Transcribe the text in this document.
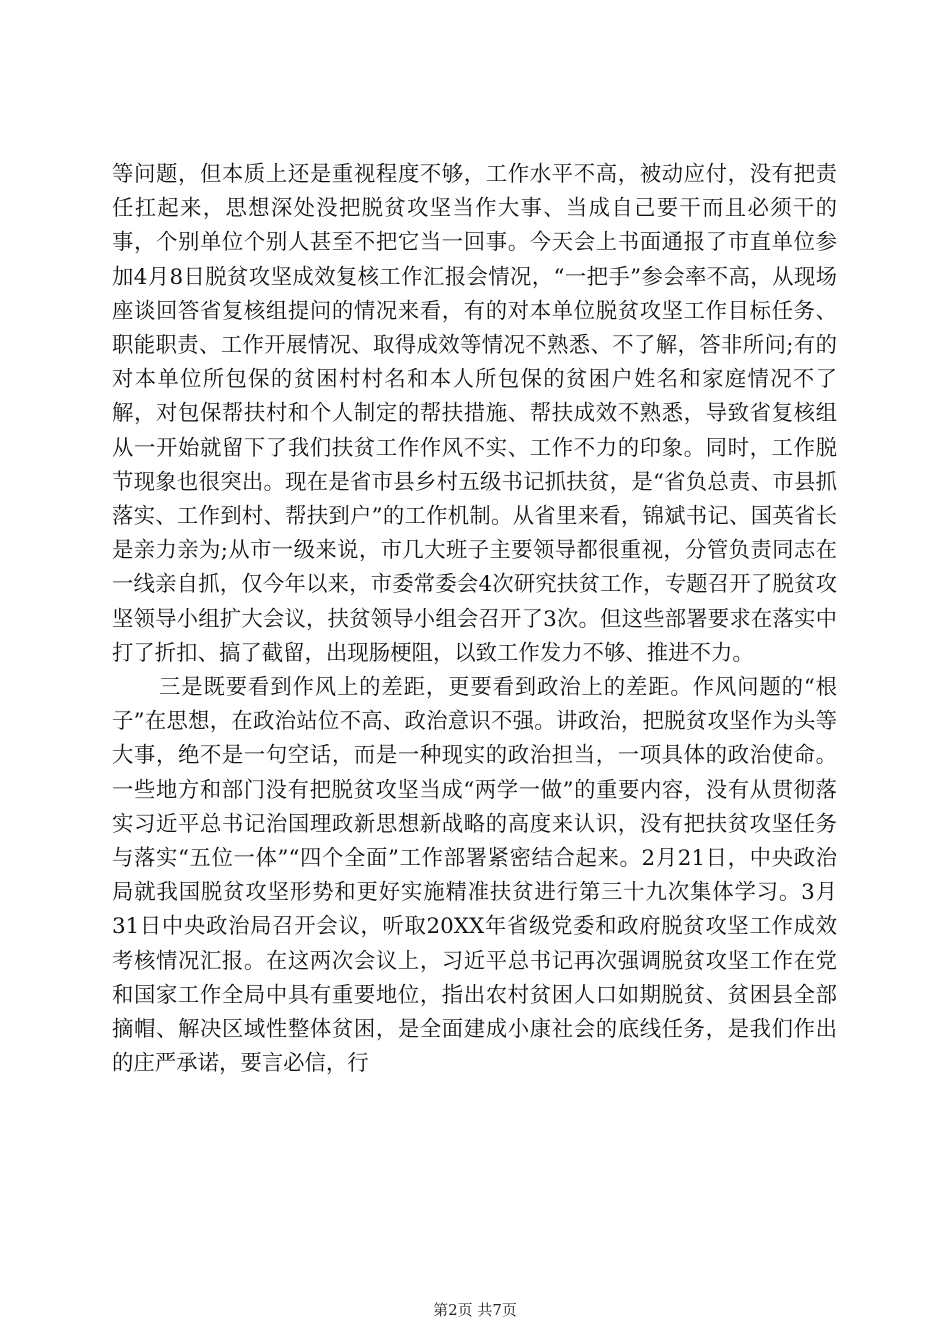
等问题，但本质上还是重视程度不够，工作水平不高，被动应付，没有把责任扛起来，思想深处没把脱贫攻坚当作大事、当成自己要干而且必须干的事，个别单位个别人甚至不把它当一回事。今天会上书面通报了市直单位参加4月8日脱贫攻坚成效复核工作汇报会情况，“一把手”参会率不高，从现场座谈回答省复核组提问的情况来看，有的对本单位脱贫攻坚工作目标任务、职能职责、工作开展情况、取得成效等情况不熟悉、不了解，答非所问;有的对本单位所包保的贫困村村名和本人所包保的贫困户姓名和家庭情况不了解，对包保帮扶村和个人制定的帮扶措施、帮扶成效不熟悉，导致省复核组从一开始就留下了我们扶贫工作作风不实、工作不力的印象。同时，工作脱节现象也很突出。现在是省市县乡村五级书记抓扶贫，是“省负总责、市县抓落实、工作到村、帮扶到户”的工作机制。从省里来看，锦斌书记、国英省长是亲力亲为;从市一级来说，市几大班子主要领导都很重视，分管负责同志在一线亲自抓，仅今年以来，市委常委会4次研究扶贫工作，专题召开了脱贫攻坚领导小组扩大会议，扶贫领导小组会召开了3次。但这些部署要求在落实中打了折扣、搞了截留，出现肠梗阻，以致工作发力不够、推进不力。

三是既要看到作风上的差距，更要看到政治上的差距。作风问题的“根子”在思想，在政治站位不高、政治意识不强。讲政治，把脱贫攻坚作为头等大事，绝不是一句空话，而是一种现实的政治担当，一项具体的政治使命。一些地方和部门没有把脱贫攻坚当成“两学一做”的重要内容，没有从贯彻落实习近平总书记治国理政新思想新战略的高度来认识，没有把扶贫攻坚任务与落实“五位一体”“四个全面”工作部署紧密结合起来。2月21日，中央政治局就我国脱贫攻坚形势和更好实施精准扶贫进行第三十九次集体学习。3月31日中央政治局召开会议，听取20XX年省级党委和政府脱贫攻坚工作成效考核情况汇报。在这两次会议上，习近平总书记再次强调脱贫攻坚工作在党和国家工作全局中具有重要地位，指出农村贫困人口如期脱贫、贫困县全部摘帽、解决区域性整体贫困，是全面建成小康社会的底线任务，是我们作出的庄严承诺，要言必信，行

第2页 共7页
